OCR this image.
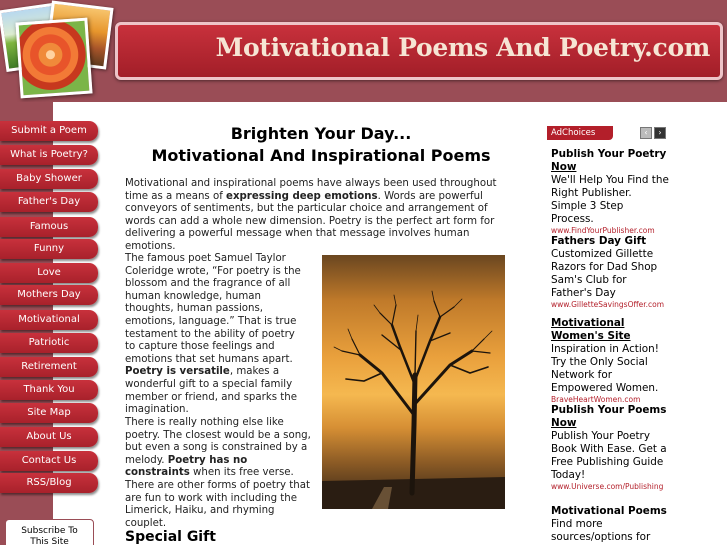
Motivational Poems And Poetry.com
Submit a Poem
What is Poetry?
Baby Shower
Father's Day
Famous
Funny
Love
Mothers Day
Motivational
Patriotic
Retirement
Thank You
Site Map
About Us
Contact Us
RSS/Blog
Subscribe To
This Site
Brighten Your Day...
Motivational And Inspirational Poems

Motivational and inspirational poems have always been used throughout time as a means of expressing deep emotions. Words are powerful conveyors of sentiments, but the particular choice and arrangement of words can add a whole new dimension. Poetry is the perfect art form for delivering a powerful message when that message involves human emotions.

The famous poet Samuel Taylor Coleridge wrote, “For poetry is the blossom and the fragrance of all human knowledge, human thoughts, human passions, emotions, language.” That is true testament to the ability of poetry to capture those feelings and emotions that set humans apart. Poetry is versatile, makes a wonderful gift to a special family member or friend, and sparks the imagination.

There is really nothing else like poetry. The closest would be a song, but even a song is constrained by a melody. Poetry has no constraints when its free verse. There are other forms of poetry that are fun to work with including the Limerick, Haiku, and rhyming couplet.

Special Gift
AdChoices	‹	›
Publish Your Poetry
Now
We'll Help You Find the Right Publisher. Simple 3 Step Process.
www.FindYourPublisher.com
Fathers Day Gift
Customized Gillette Razors for Dad Shop Sam's Club for Father's Day
www.GilletteSavingsOffer.com
Motivational
Women's Site
Inspiration in Action! Try the Only Social Network for Empowered Women.
BraveHeartWomen.com
Publish Your Poems
Now
Publish Your Poetry Book With Ease. Get a Free Publishing Guide Today!
www.Universe.com/Publishing
Motivational Poems
Find more sources/options for
